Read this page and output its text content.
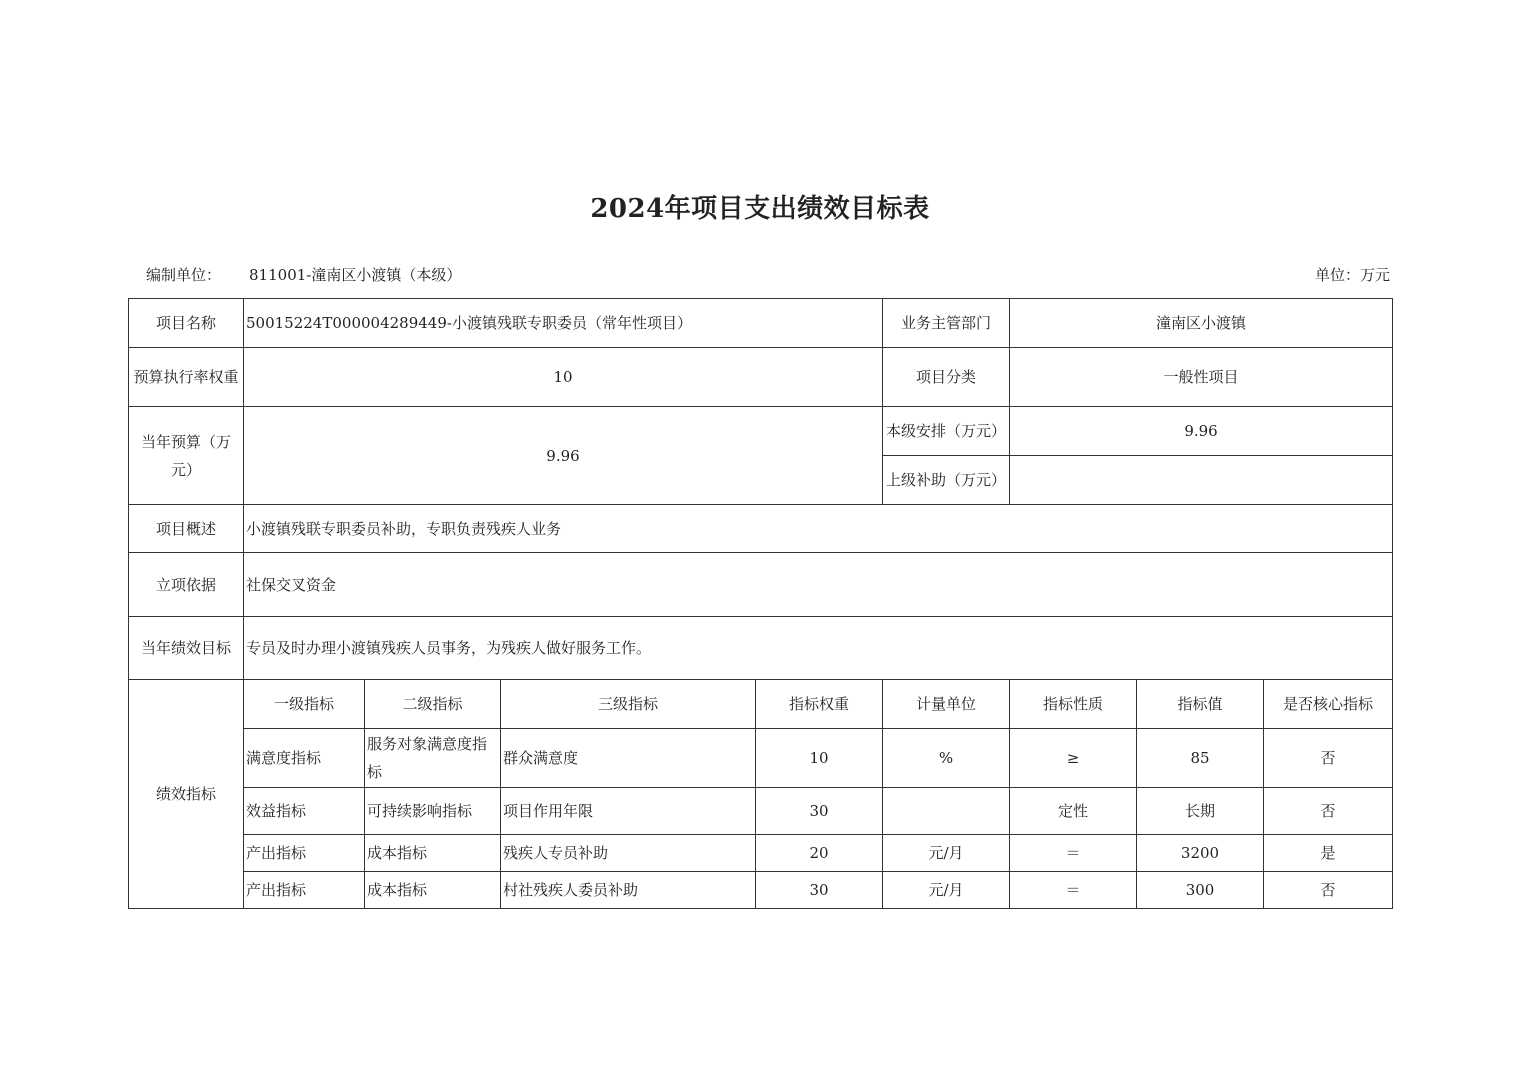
2024年项目支出绩效目标表
编制单位： 811001-潼南区小渡镇（本级）	单位：万元
项目名称	50015224T000004289449-小渡镇残联专职委员（常年性项目）				业务主管部门	潼南区小渡镇		
预算执行率权重	10				项目分类	一般性项目		
当年预算（万元）	9.96				本级安排（万元）	9.96		
					上级补助（万元）			
项目概述	小渡镇残联专职委员补助，专职负责残疾人业务							
立项依据	社保交叉资金							
当年绩效目标	专员及时办理小渡镇残疾人员事务，为残疾人做好服务工作。							
绩效指标	一级指标	二级指标	三级指标	指标权重	计量单位	指标性质	指标值	是否核心指标
	满意度指标	服务对象满意度指标	群众满意度	10	%	≥	85	否
	效益指标	可持续影响指标	项目作用年限	30		定性	长期	否
	产出指标	成本指标	残疾人专员补助	20	元/月	＝	3200	是
	产出指标	成本指标	村社残疾人委员补助	30	元/月	＝	300	否
